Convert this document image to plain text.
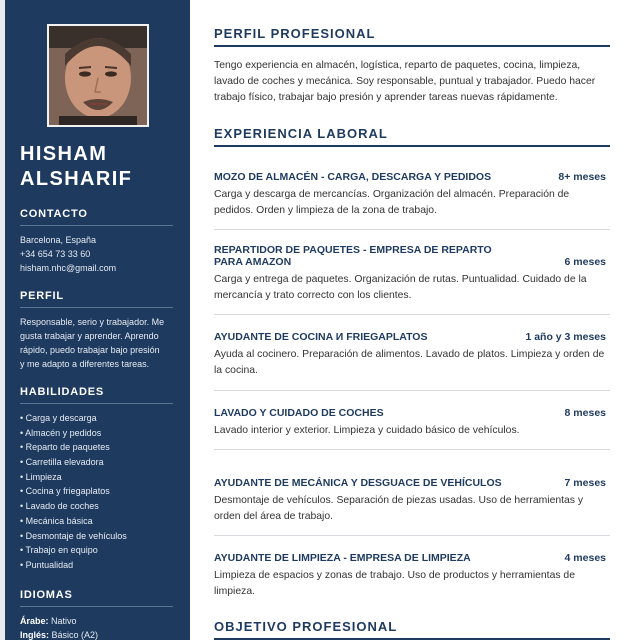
HISHAM
ALSHARIF
CONTACTO
Barcelona, España
+34 654 73 33 60
hisham.nhc@gmail.com
PERFIL
Responsable, serio y trabajador. Me
gusta trabajar y aprender. Aprendo
rápido, puedo trabajar bajo presión
y me adapto a diferentes tareas.
HABILIDADES
• Carga y descarga
• Almacén y pedidos
• Reparto de paquetes
• Carretilla elevadora
• Limpieza
• Cocina y friegaplatos
• Lavado de coches
• Mecánica básica
• Desmontaje de vehículos
• Trabajo en equipo
• Puntualidad
IDIOMAS
Árabe: Nativo
Inglés: Básico (A2)
PERFIL PROFESIONAL
Tengo experiencia en almacén, logística, reparto de paquetes, cocina, limpieza, lavado de coches y mecánica. Soy responsable, puntual y trabajador. Puedo hacer trabajo físico, trabajar bajo presión y aprender tareas nuevas rápidamente.
EXPERIENCIA LABORAL
MOZO DE ALMACÉN - CARGA, DESCARGA Y PEDIDOS	8+ meses
Carga y descarga de mercancías. Organización del almacén. Preparación de pedidos. Orden y limpieza de la zona de trabajo.
REPARTIDOR DE PAQUETES - EMPRESA DE REPARTO PARA AMAZON	6 meses
Carga y entrega de paquetes. Organización de rutas. Puntualidad. Cuidado de la mercancía y trato correcto con los clientes.
AYUDANTE DE COCINA И FRIEGAPLATOS	1 año y 3 meses
Ayuda al cocinero. Preparación de alimentos. Lavado de platos. Limpieza y orden de la cocina.
LAVADO Y CUIDADO DE COCHES	8 meses
Lavado interior y exterior. Limpieza y cuidado básico de vehículos.
AYUDANTE DE MECÁNICA Y DESGUACE DE VEHÍCULOS	7 meses
Desmontaje de vehículos. Separación de piezas usadas. Uso de herramientas y orden del área de trabajo.
AYUDANTE DE LIMPIEZA - EMPRESA DE LIMPIEZA	4 meses
Limpieza de espacios y zonas de trabajo. Uso de productos y herramientas de limpieza.
OBJETIVO PROFESIONAL
